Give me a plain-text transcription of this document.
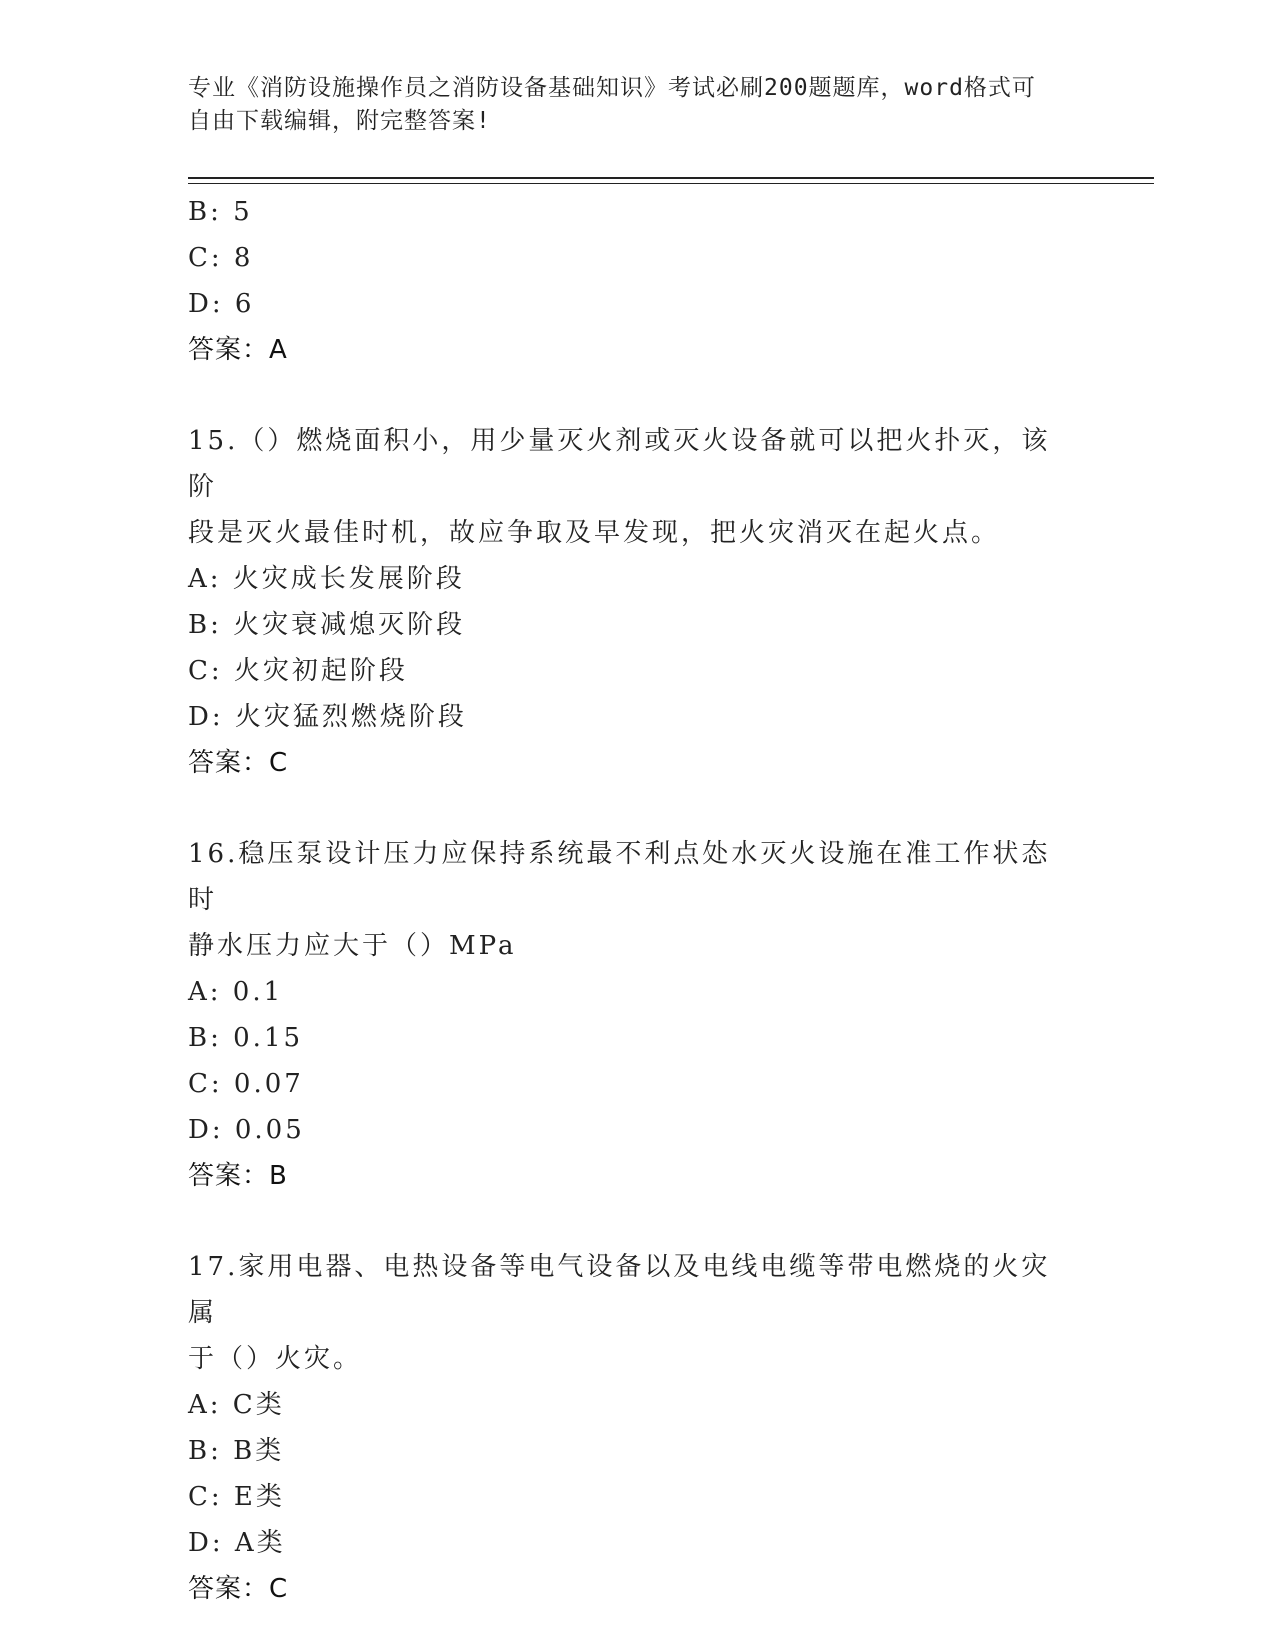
专业《消防设施操作员之消防设备基础知识》考试必刷200题题库，word格式可
自由下载编辑，附完整答案!
B: 5
C: 8
D: 6
答案：A
15.（）燃烧面积小，用少量灭火剂或灭火设备就可以把火扑灭，该阶
段是灭火最佳时机，故应争取及早发现，把火灾消灭在起火点。
A: 火灾成长发展阶段
B: 火灾衰减熄灭阶段
C: 火灾初起阶段
D: 火灾猛烈燃烧阶段
答案：C
16.稳压泵设计压力应保持系统最不利点处水灭火设施在准工作状态时
静水压力应大于（）MPa
A: 0.1
B: 0.15
C: 0.07
D: 0.05
答案：B
17.家用电器、电热设备等电气设备以及电线电缆等带电燃烧的火灾属
于（）火灾。
A: C类
B: B类
C: E类
D: A类
答案：C
